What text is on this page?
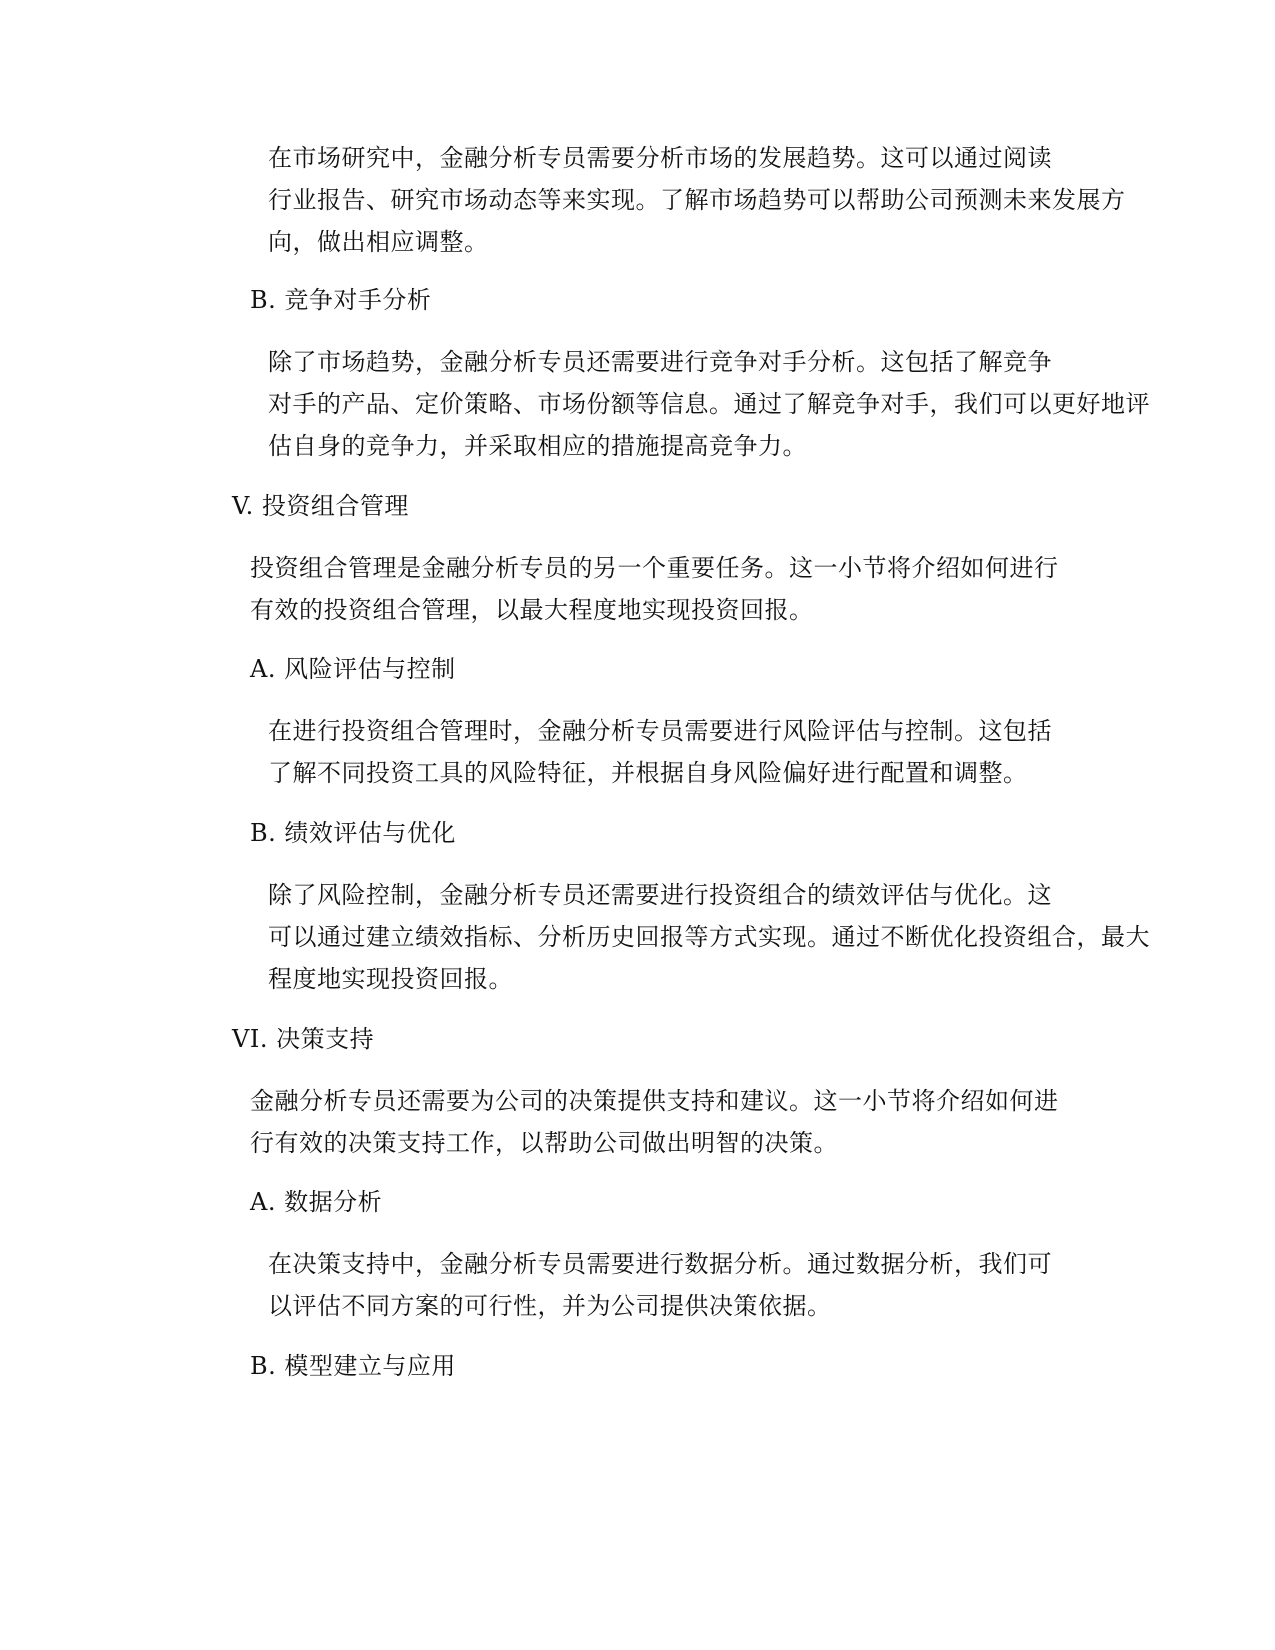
在市场研究中，金融分析专员需要分析市场的发展趋势。这可以通过阅读
行业报告、研究市场动态等来实现。了解市场趋势可以帮助公司预测未来发展方
向，做出相应调整。

B. 竞争对手分析

除了市场趋势，金融分析专员还需要进行竞争对手分析。这包括了解竞争
对手的产品、定价策略、市场份额等信息。通过了解竞争对手，我们可以更好地评
估自身的竞争力，并采取相应的措施提高竞争力。

V. 投资组合管理

投资组合管理是金融分析专员的另一个重要任务。这一小节将介绍如何进行
有效的投资组合管理，以最大程度地实现投资回报。

A. 风险评估与控制

在进行投资组合管理时，金融分析专员需要进行风险评估与控制。这包括
了解不同投资工具的风险特征，并根据自身风险偏好进行配置和调整。

B. 绩效评估与优化

除了风险控制，金融分析专员还需要进行投资组合的绩效评估与优化。这
可以通过建立绩效指标、分析历史回报等方式实现。通过不断优化投资组合，最大
程度地实现投资回报。

VI. 决策支持

金融分析专员还需要为公司的决策提供支持和建议。这一小节将介绍如何进
行有效的决策支持工作，以帮助公司做出明智的决策。

A. 数据分析

在决策支持中，金融分析专员需要进行数据分析。通过数据分析，我们可
以评估不同方案的可行性，并为公司提供决策依据。

B. 模型建立与应用
